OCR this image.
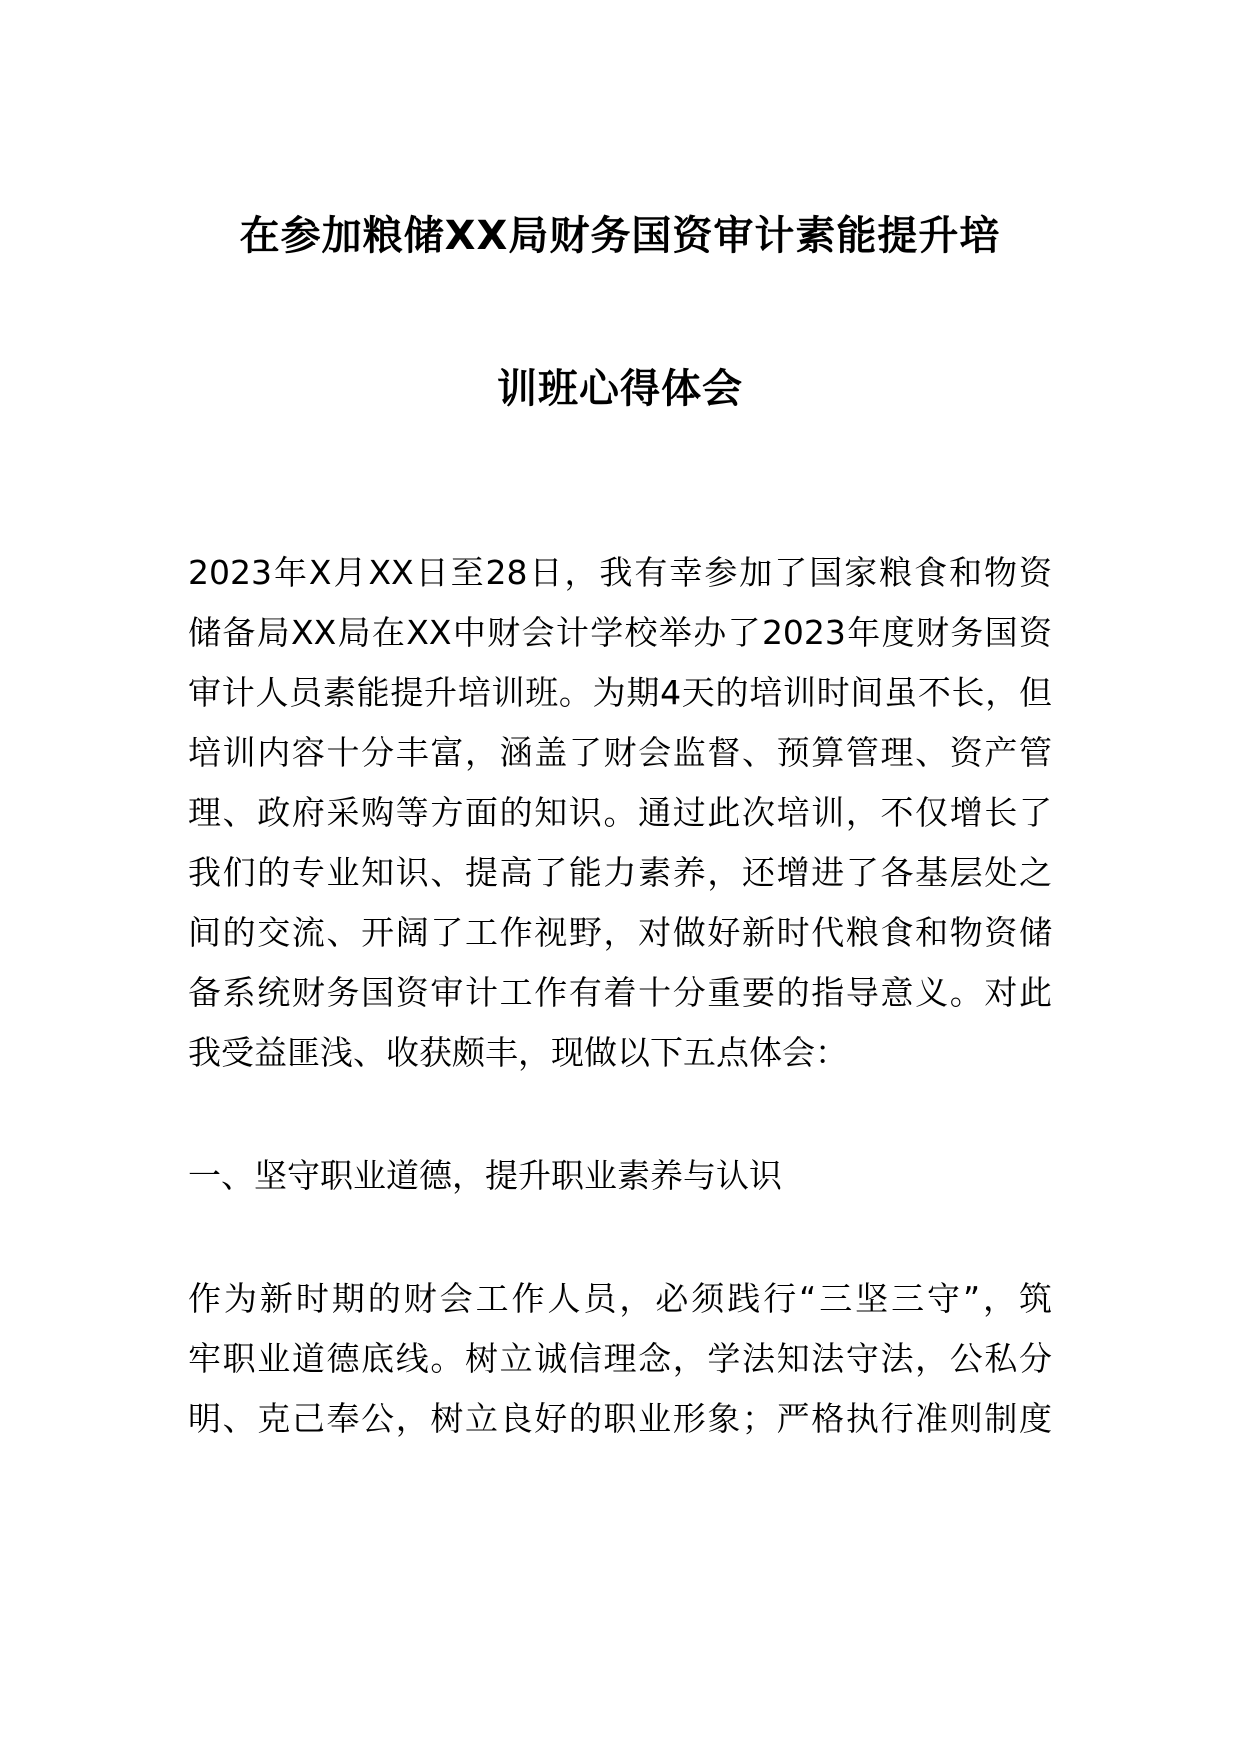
在参加粮储XX局财务国资审计素能提升培
训班心得体会
2023年X月XX日至28日，我有幸参加了国家粮食和物资
储备局XX局在XX中财会计学校举办了2023年度财务国资
审计人员素能提升培训班。为期4天的培训时间虽不长，但
培训内容十分丰富，涵盖了财会监督、预算管理、资产管
理、政府采购等方面的知识。通过此次培训，不仅增长了
我们的专业知识、提高了能力素养，还增进了各基层处之
间的交流、开阔了工作视野，对做好新时代粮食和物资储
备系统财务国资审计工作有着十分重要的指导意义。对此
我受益匪浅、收获颇丰，现做以下五点体会：
一、坚守职业道德，提升职业素养与认识
作为新时期的财会工作人员，必须践行“三坚三守”，筑
牢职业道德底线。树立诚信理念，学法知法守法，公私分
明、克己奉公，树立良好的职业形象；严格执行准则制度
